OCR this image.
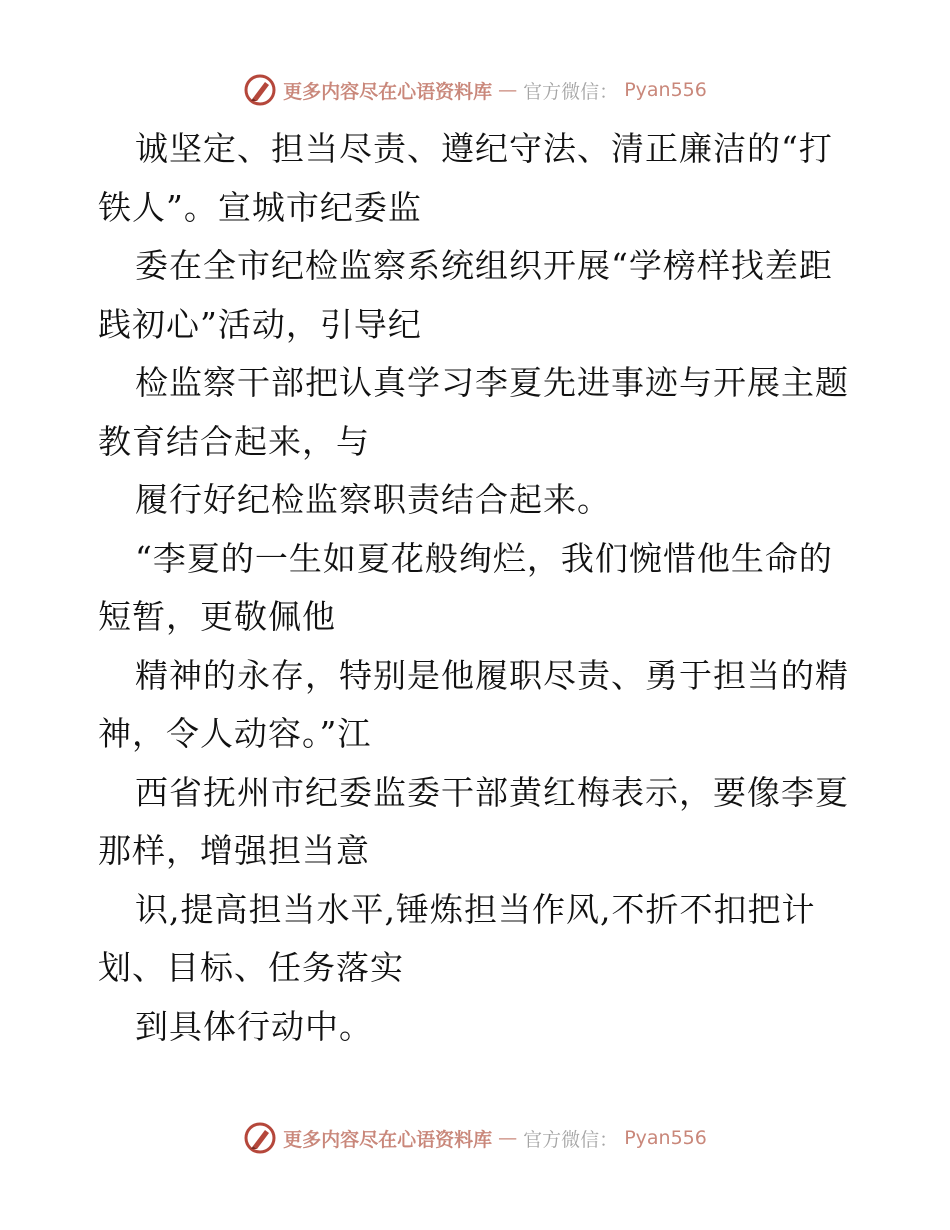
更多内容尽在心语资料库 — 官方微信： Pyan556
诚坚定、担当尽责、遵纪守法、清正廉洁的“打
铁人”。宣城市纪委监
委在全市纪检监察系统组织开展“学榜样找差距
践初心”活动，引导纪
检监察干部把认真学习李夏先进事迹与开展主题
教育结合起来，与
履行好纪检监察职责结合起来。
“李夏的一生如夏花般绚烂，我们惋惜他生命的
短暂，更敬佩他
精神的永存，特别是他履职尽责、勇于担当的精
神，令人动容。”江
西省抚州市纪委监委干部黄红梅表示，要像李夏
那样，增强担当意
识,提高担当水平,锤炼担当作风,不折不扣把计
划、目标、任务落实
到具体行动中。
更多内容尽在心语资料库 — 官方微信： Pyan556
